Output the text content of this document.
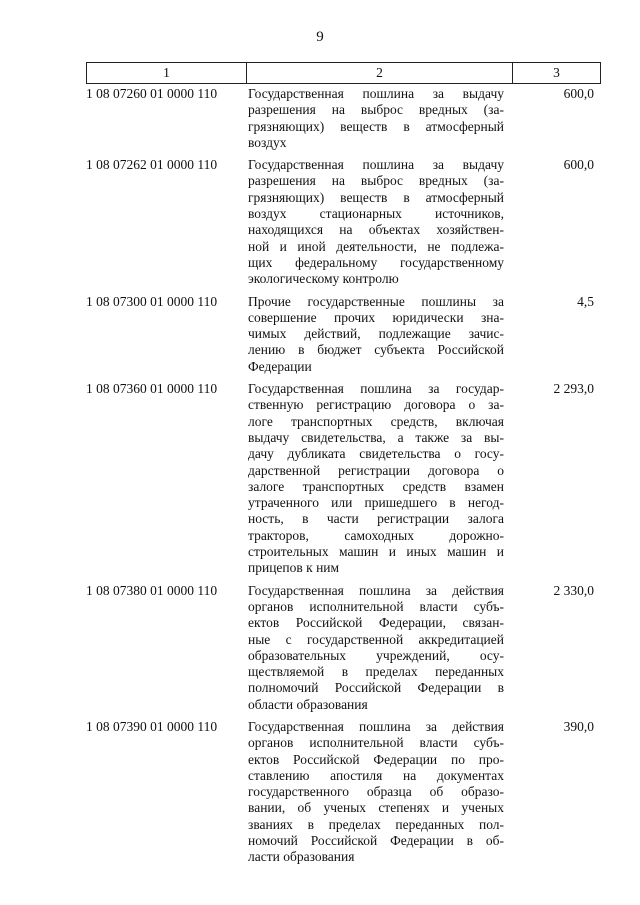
9
1	2	3
1 08 07260 01 0000 110	Государственная пошлина за выдачу
разрешения на выброс вредных (за-
грязняющих) веществ в атмосферный
воздух
600,0
1 08 07262 01 0000 110	Государственная пошлина за выдачу
разрешения на выброс вредных (за-
грязняющих) веществ в атмосферный
воздух стационарных источников,
находящихся на объектах хозяйствен-
ной и иной деятельности, не подлежа-
щих федеральному государственному
экологическому контролю
600,0
1 08 07300 01 0000 110	Прочие государственные пошлины за
совершение прочих юридически зна-
чимых действий, подлежащие зачис-
лению в бюджет субъекта Российской
Федерации
4,5
1 08 07360 01 0000 110	Государственная пошлина за государ-
ственную регистрацию договора о за-
логе транспортных средств, включая
выдачу свидетельства, а также за вы-
дачу дубликата свидетельства о госу-
дарственной регистрации договора о
залоге транспортных средств взамен
утраченного или пришедшего в негод-
ность, в части регистрации залога
тракторов, самоходных дорожно-
строительных машин и иных машин и
прицепов к ним
2 293,0
1 08 07380 01 0000 110	Государственная пошлина за действия
органов исполнительной власти субъ-
ектов Российской Федерации, связан-
ные с государственной аккредитацией
образовательных учреждений, осу-
ществляемой в пределах переданных
полномочий Российской Федерации в
области образования
2 330,0
1 08 07390 01 0000 110	Государственная пошлина за действия
органов исполнительной власти субъ-
ектов Российской Федерации по про-
ставлению апостиля на документах
государственного образца об образо-
вании, об ученых степенях и ученых
званиях в пределах переданных пол-
номочий Российской Федерации в об-
ласти образования
390,0
